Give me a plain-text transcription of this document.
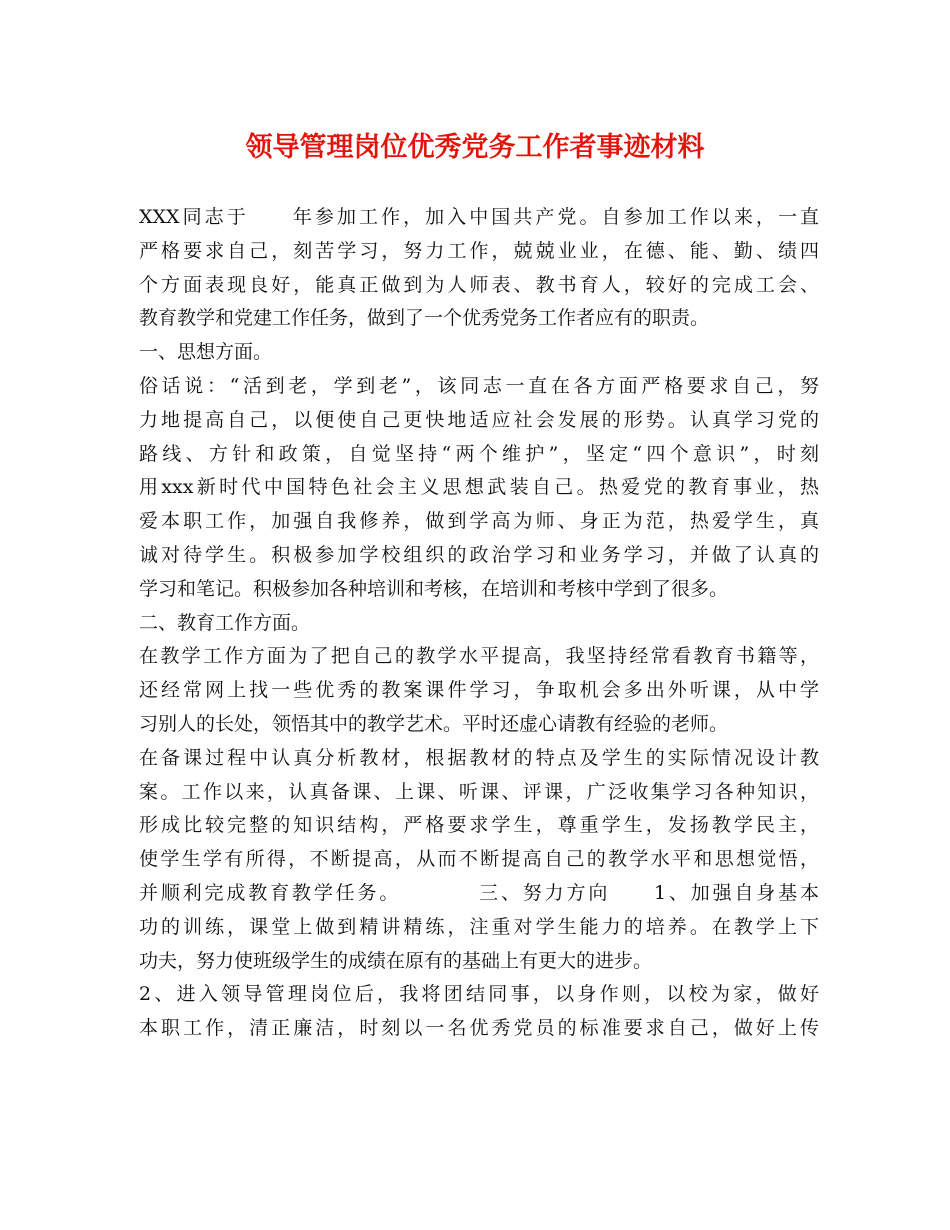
领导管理岗位优秀党务工作者事迹材料
XXX同志于　　年参加工作，加入中国共产党。自参加工作以来，一直
严格要求自己，刻苦学习，努力工作，兢兢业业，在德、能、勤、绩四
个方面表现良好，能真正做到为人师表、教书育人，较好的完成工会、
教育教学和党建工作任务，做到了一个优秀党务工作者应有的职责。
一、思想方面。
俗话说：“活到老，学到老”，该同志一直在各方面严格要求自己，努
力地提高自己，以便使自己更快地适应社会发展的形势。认真学习党的
路线、方针和政策，自觉坚持“两个维护”，坚定“四个意识”，时刻
用xxx新时代中国特色社会主义思想武装自己。热爱党的教育事业，热
爱本职工作，加强自我修养，做到学高为师、身正为范，热爱学生，真
诚对待学生。积极参加学校组织的政治学习和业务学习，并做了认真的
学习和笔记。积极参加各种培训和考核，在培训和考核中学到了很多。
二、教育工作方面。
在教学工作方面为了把自己的教学水平提高，我坚持经常看教育书籍等，
还经常网上找一些优秀的教案课件学习，争取机会多出外听课，从中学
习别人的长处，领悟其中的教学艺术。平时还虚心请教有经验的老师。
在备课过程中认真分析教材，根据教材的特点及学生的实际情况设计教
案。工作以来，认真备课、上课、听课、评课，广泛收集学习各种知识，
形成比较完整的知识结构，严格要求学生，尊重学生，发扬教学民主，
使学生学有所得，不断提高，从而不断提高自己的教学水平和思想觉悟，
并顺利完成教育教学任务。　　　　三、努力方向　　1、加强自身基本
功的训练，课堂上做到精讲精练，注重对学生能力的培养。在教学上下
功夫，努力使班级学生的成绩在原有的基础上有更大的进步。
2、进入领导管理岗位后，我将团结同事，以身作则，以校为家，做好
本职工作，清正廉洁，时刻以一名优秀党员的标准要求自己，做好上传
